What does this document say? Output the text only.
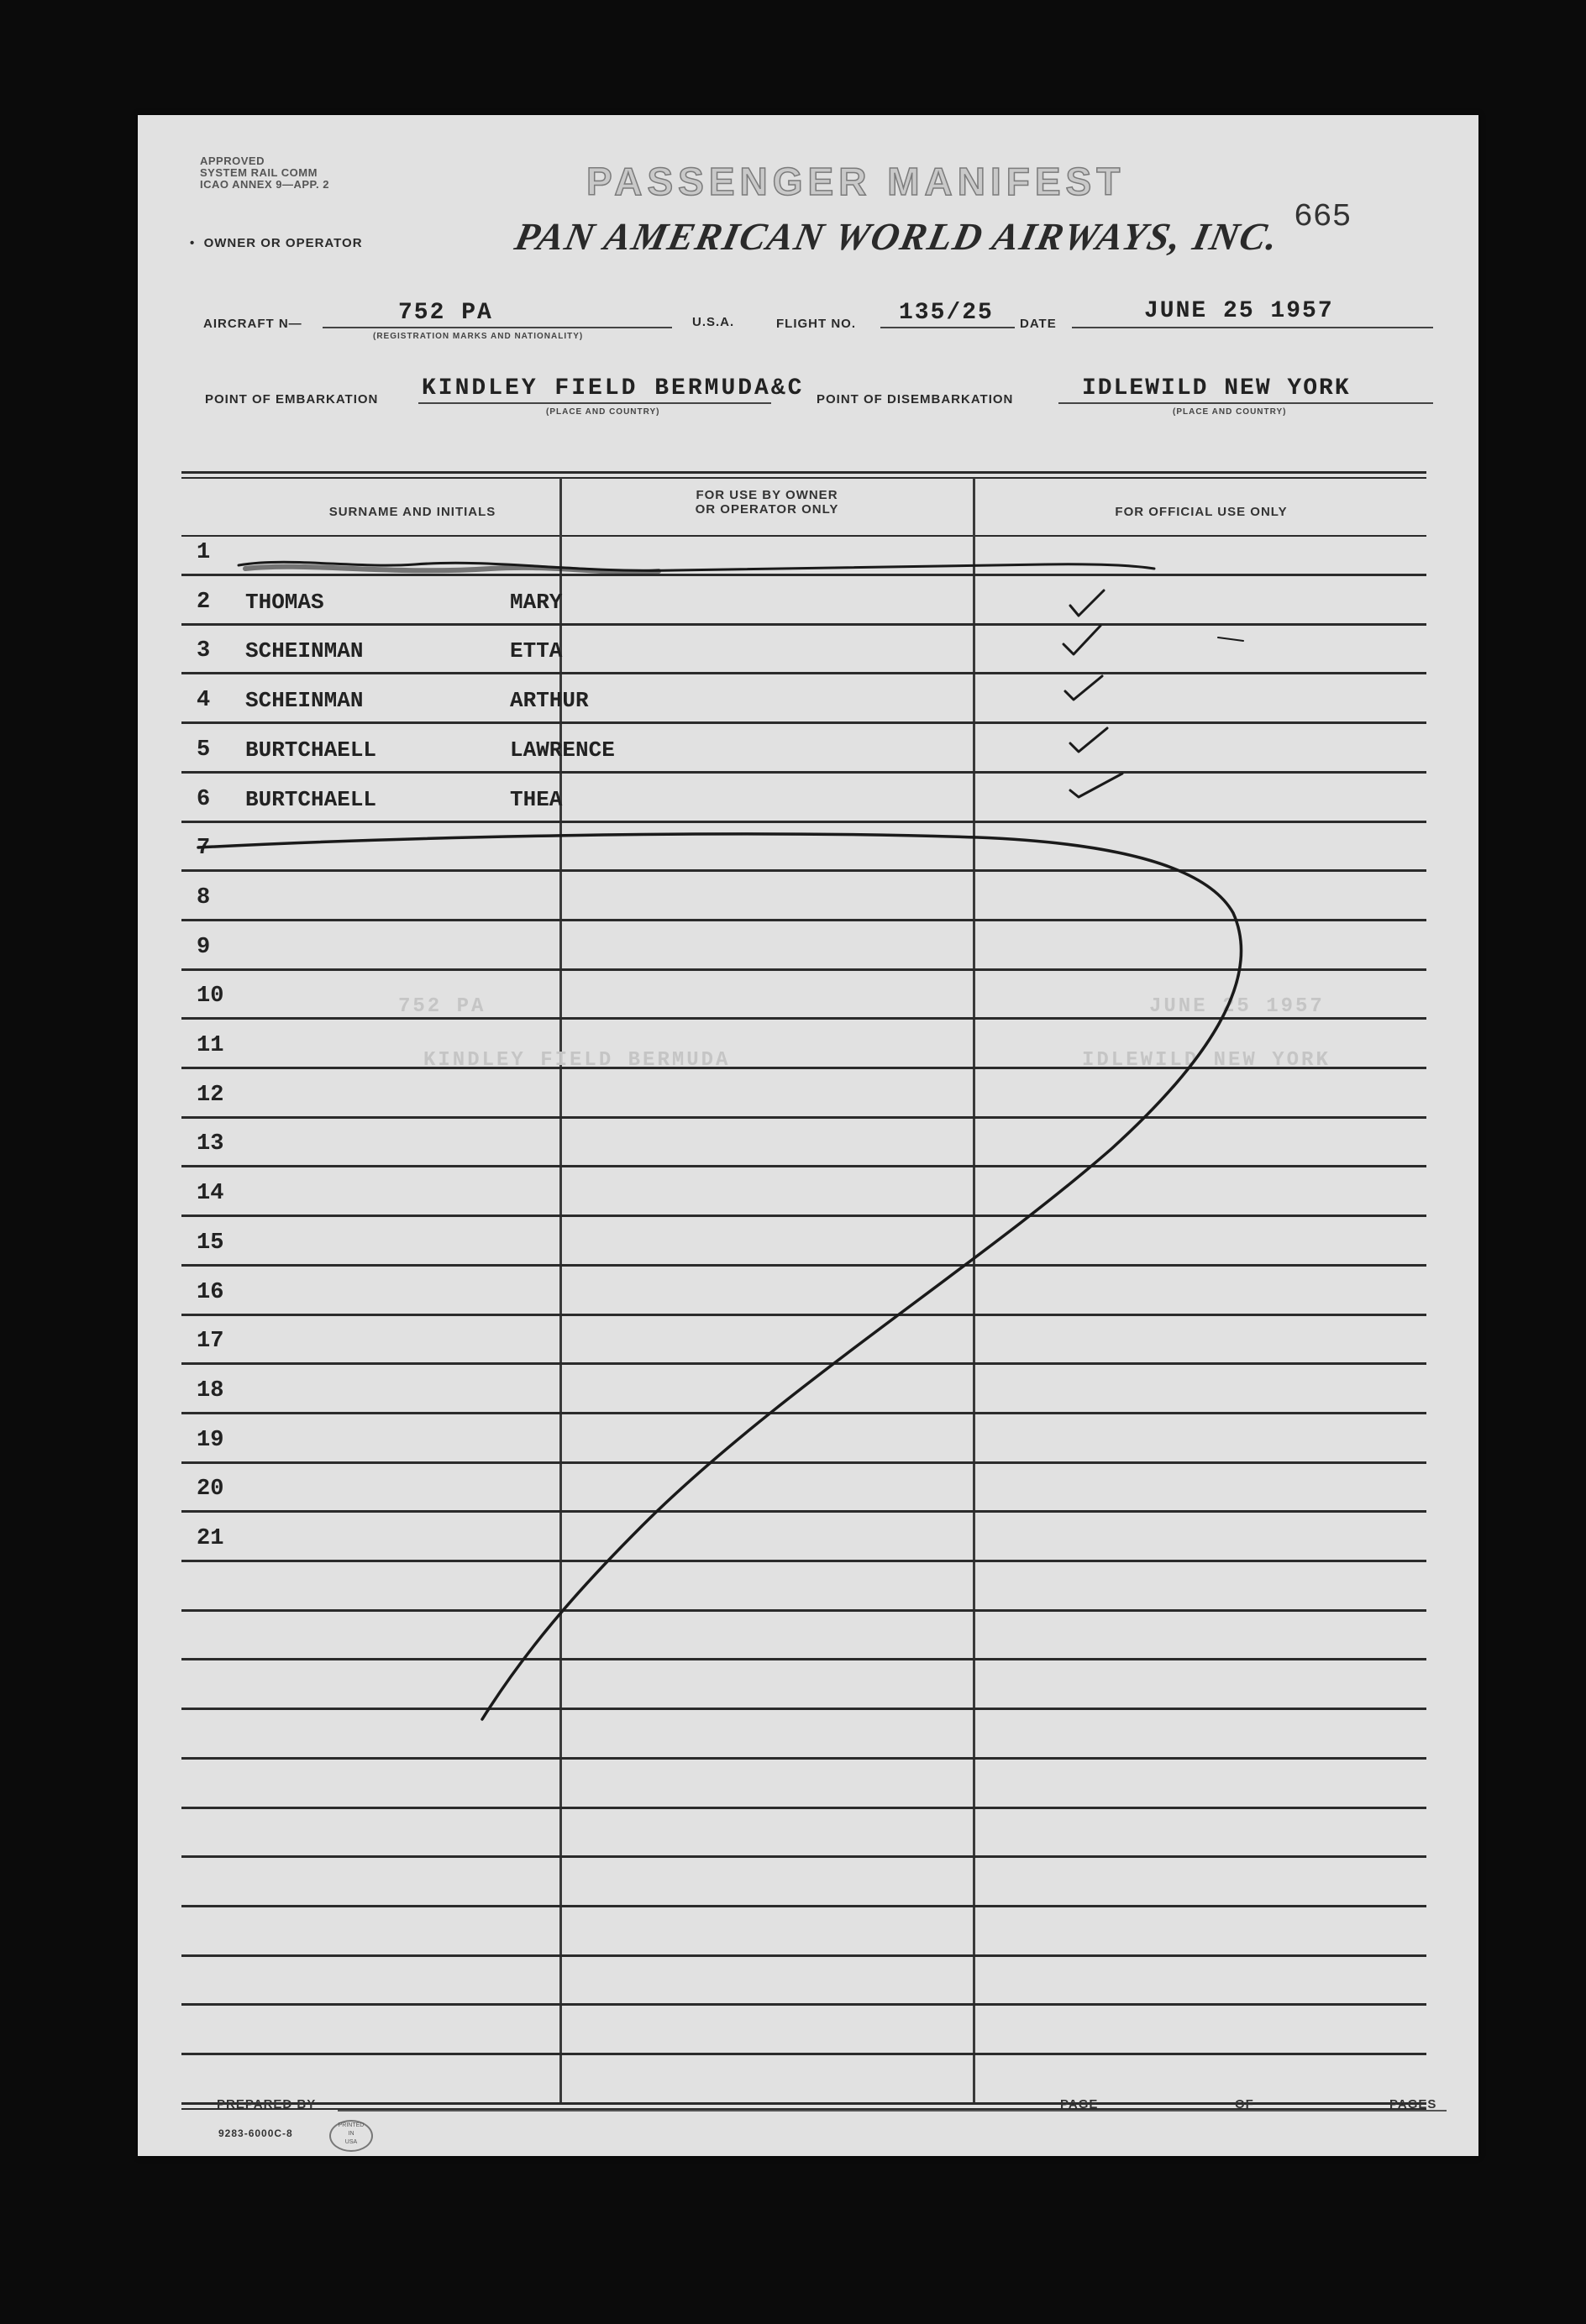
APPROVED
SYSTEM RAIL COMM
ICAO ANNEX 9—APP. 2	PASSENGER MANIFEST
665
•  OWNER OR OPERATOR	PAN AMERICAN WORLD AIRWAYS, INC.
AIRCRAFT N—	752 PA
(REGISTRATION MARKS AND NATIONALITY)
U.S.A.	FLIGHT NO. 135/25 DATE	JUNE 25 1957
POINT OF EMBARKATION KINDLEY FIELD BERMUDA&C
(PLACE AND COUNTRY)
POINT OF DISEMBARKATION	IDLEWILD NEW YORK
(PLACE AND COUNTRY)
SURNAME AND INITIALS
FOR USE BY OWNER
OR OPERATOR ONLY	FOR OFFICIAL USE ONLY
1
2 THOMAS	MARY
3 SCHEINMAN	ETTA
4 SCHEINMAN	ARTHUR
5 BURTCHAELL	LAWRENCE
6 BURTCHAELL	THEA
7
8
9
10
11
12
13
14
15
16
17
18
19
20
21
752 PA	JUNE 25 1957
KINDLEY FIELD BERMUDA	IDLEWILD NEW YORK
PREPARED BY	PAGE	OF	PAGES
9283-6000C-8
PRINTED
IN
USA
